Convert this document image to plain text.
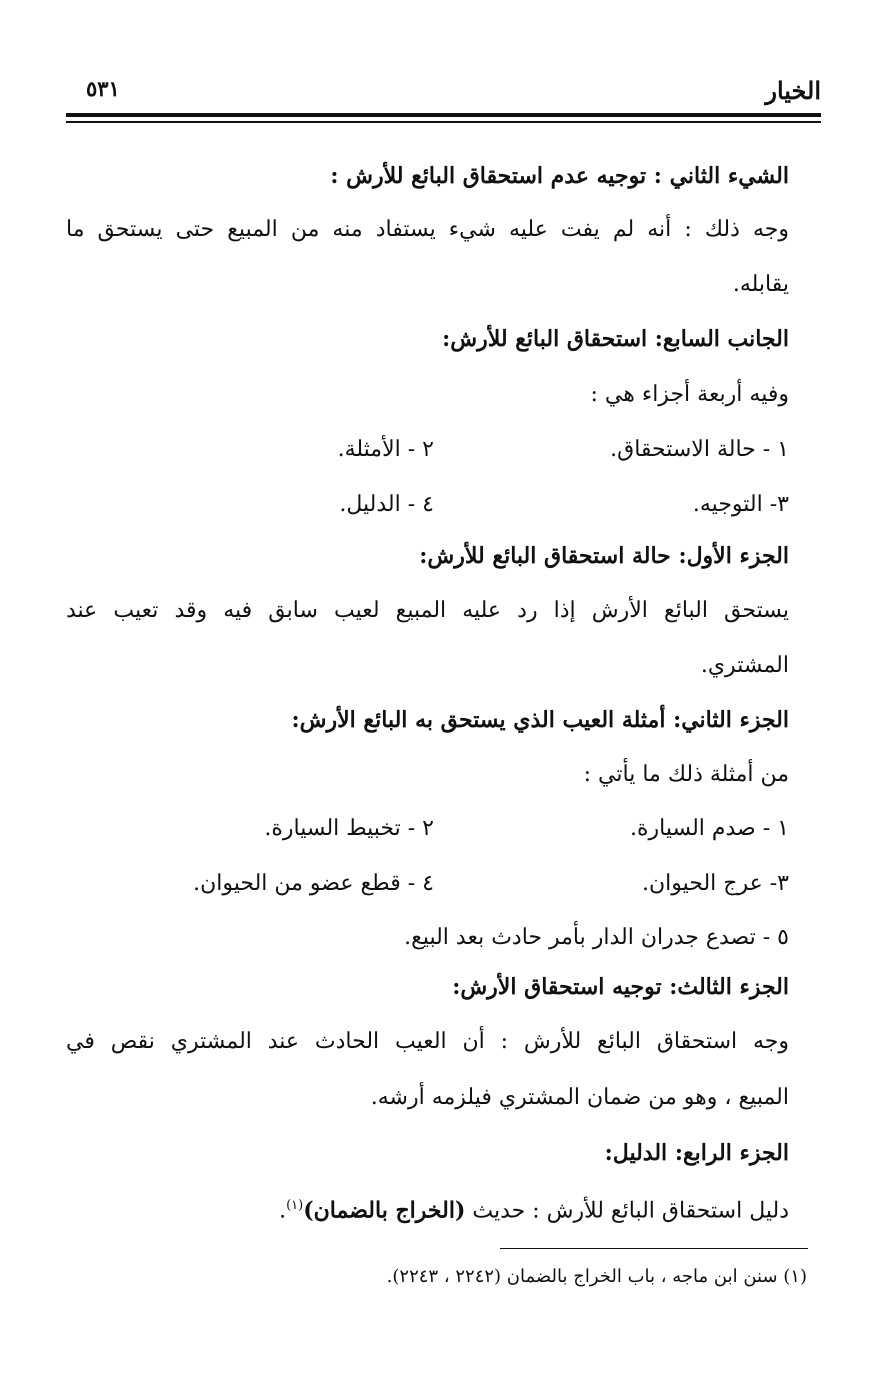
الخيار
٥٣١
الشيء الثاني : توجيه عدم استحقاق البائع للأرش :
وجه ذلك : أنه لم يفت عليه شيء يستفاد منه من المبيع حتى يستحق ما
يقابله.
الجانب السابع: استحقاق البائع للأرش:
وفيه أربعة أجزاء هي :
١ - حالة الاستحقاق.
٢ - الأمثلة.
٣- التوجيه.
٤ - الدليل.
الجزء الأول: حالة استحقاق البائع للأرش:
يستحق البائع الأرش إذا رد عليه المبيع لعيب سابق فيه وقد تعيب عند
المشتري.
الجزء الثاني: أمثلة العيب الذي يستحق به البائع الأرش:
من أمثلة ذلك ما يأتي :
١ - صدم السيارة.
٢ - تخبيط السيارة.
٣- عرج الحيوان.
٤ - قطع عضو من الحيوان.
٥ - تصدع جدران الدار بأمر حادث بعد البيع.
الجزء الثالث: توجيه استحقاق الأرش:
وجه استحقاق البائع للأرش : أن العيب الحادث عند المشتري نقص في
المبيع ، وهو من ضمان المشتري فيلزمه أرشه.
الجزء الرابع: الدليل:
دليل استحقاق البائع للأرش : حديث (الخراج بالضمان)$^{(١)}$.
(١) سنن ابن ماجه ، باب الخراج بالضمان (٢٢٤٢ ، ٢٢٤٣).
